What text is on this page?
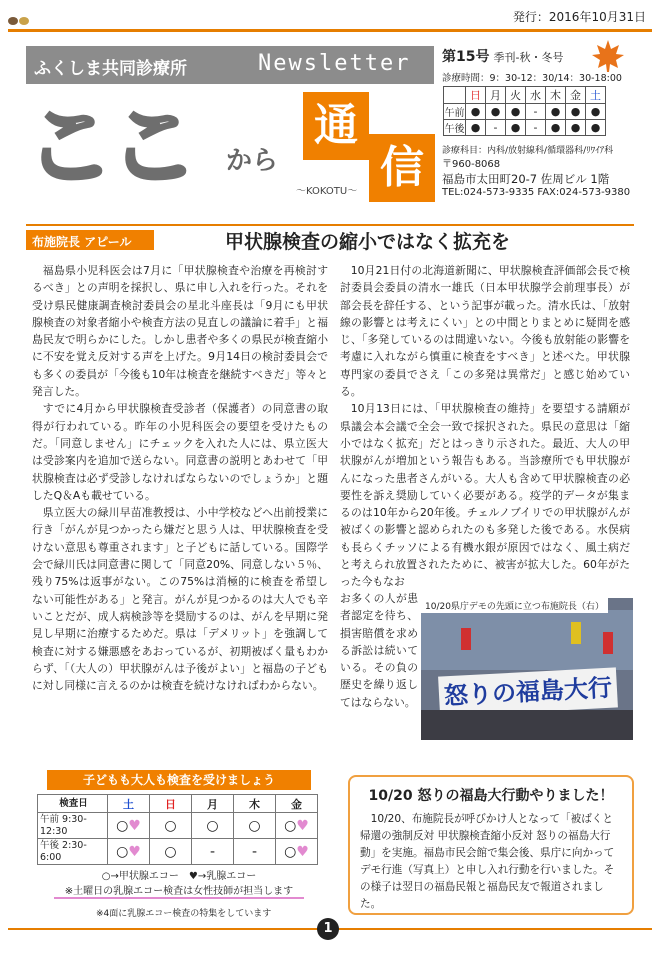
発行：2016年10月31日
ふくしま共同診療所	Newsletter
ここ から
～KOKOTU～
通
信
第15号 季刊-秋・冬号
診療時間：9：30-12：30/14：30-18:00
	日	月	火	水	木	金	土
午前	●	●	●	-	●	●	●
午後	●	-	●	-	●	●	●
診療科目：内科/放射線科/循環器科/ﾘﾜｲｱ科
〒960-8068
福島市太田町20-7 佐周ビル 1階
TEL:024-573-9335 FAX:024-573-9380
布施院長 アピール	甲状腺検査の縮小ではなく拡充を

福島県小児科医会は7月に「甲状腺検査や治療を再検討するべき」との声明を採択し、県に申し入れを行った。それを受け県民健康調査検討委員会の星北斗座長は「9月にも甲状腺検査の対象者縮小や検査方法の見直しの議論に着手」と福島民友で明らかにした。しかし患者や多くの県民が検査縮小に不安を覚え反対する声を上げた。9月14日の検討委員会でも多くの委員が「今後も10年は検査を継続すべきだ」等々と発言した。

すでに4月から甲状腺検査受診者（保護者）の同意書の取得が行われている。昨年の小児科医会の要望を受けたものだ。「同意しません」にチェックを入れた人には、県立医大は受診案内を追加で送らない。同意書の説明とあわせて「甲状腺検査は必ず受診しなければならないのでしょうか」と題したQ＆Aも載せている。

県立医大の緑川早苗准教授は、小中学校などへ出前授業に行き「がんが見つかったら嫌だと思う人は、甲状腺検査を受けない意思も尊重されます」と子どもに話している。国際学会で緑川氏は同意書に関して「同意20%、同意しない５％、残り75%は返事がない。この75%は消極的に検査を希望しない可能性がある」と発言。がんが見つかるのは大人でも辛いことだが、成人病検診等を奨励するのは、がんを早期に発見し早期に治療するためだ。県は「デメリット」を強調して検査に対する嫌悪感をあおっているが、初期被ばく量もわからず、「（大人の）甲状腺がんは予後がよい」と福島の子どもに対し同様に言えるのかは検査を続けなければわからない。

10月21日付の北海道新聞に、甲状腺検査評価部会長で検討委員会委員の清水一雄氏（日本甲状腺学会前理事長）が部会長を辞任する、という記事が載った。清水氏は、「放射線の影響とは考えにくい」との中間とりまとめに疑問を感じ、「多発しているのは間違いない。今後も放射能の影響を考慮に入れながら慎重に検査をすべき」と述べた。甲状腺専門家の委員でさえ「この多発は異常だ」と感じ始めている。

10月13日には、「甲状腺検査の維持」を要望する請願が県議会本会議で全会一致で採択された。県民の意思は「縮小ではなく拡充」だとはっきり示された。最近、大人の甲状腺がんが増加という報告もある。当診療所でも甲状腺がんになった患者さんがいる。大人も含めて甲状腺検査の必要性を訴え奨励していく必要がある。疫学的データが集まるのは10年から20年後。チェルノブイリでの甲状腺がんが被ばくの影響と認められたのも多発した後である。水俣病も長らくチッソによる有機水銀が原因ではなく、風土病だと考えられ放置されたために、被害が拡大した。60年がたった今もなお

お多くの人が患者認定を待ち、損害賠償を求める訴訟は続いている。その負の歴史を繰り返してはならない。 怒りの福島大行動
10/20県庁デモの先頭に立つ布施院長（右）
子どもも大人も検査を受けましょう
検査日	土	日	月	木	金
午前 9:30-12:30	○♥	○	○	○	○♥
午後 2:30-6:00	○♥	○	-	-	○♥
○→甲状腺エコー　♥→乳腺エコー
※土曜日の乳腺エコー検査は女性技師が担当します
※4面に乳腺エコー検査の特集をしています
10/20 怒りの福島大行動やりました！
10/20、布施院長が呼びかけ人となって「被ばくと帰還の強制反対 甲状腺検査縮小反対 怒りの福島大行動」を実施。福島市民会館で集会後、県庁に向かってデモ行進（写真上）と申し入れ行動を行いました。その様子は翌日の福島民報と福島民友で報道されました。
1
